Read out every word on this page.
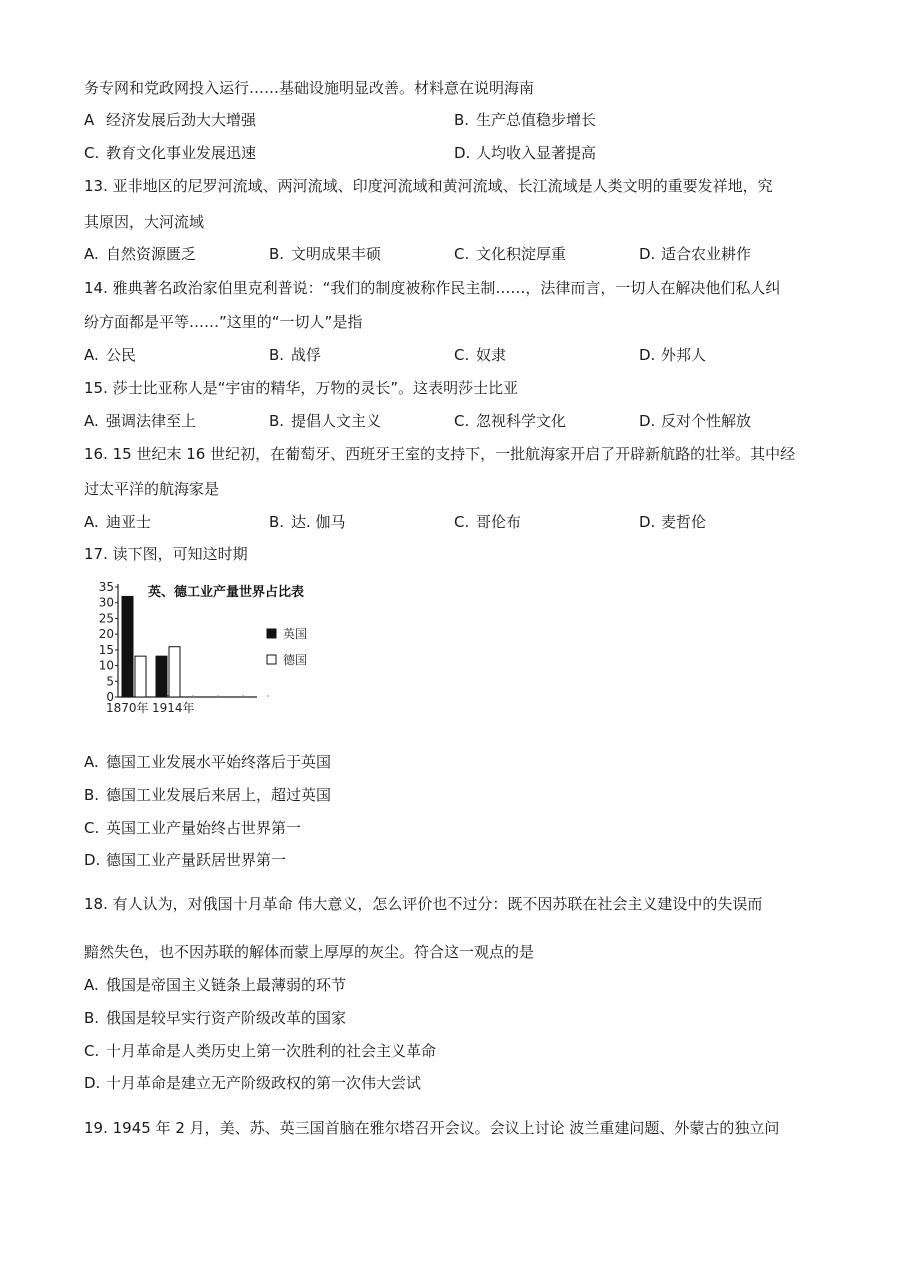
务专网和党政网投入运行……基础设施明显改善。材料意在说明海南
A 经济发展后劲大大增强	B. 生产总值稳步增长
C. 教育文化事业发展迅速	D. 人均收入显著提高
13. 亚非地区的尼罗河流域、两河流域、印度河流域和黄河流域、长江流域是人类文明的重要发祥地，究
其原因，大河流域
A. 自然资源匮乏	B. 文明成果丰硕	C. 文化积淀厚重	D. 适合农业耕作
14. 雅典著名政治家伯里克利普说：“我们的制度被称作民主制……，法律而言，一切人在解决他们私人纠
纷方面都是平等……”这里的“一切人”是指
A. 公民	B. 战俘	C. 奴隶	D. 外邦人
15. 莎士比亚称人是“宇宙的精华，万物的灵长”。这表明莎士比亚
A. 强调法律至上	B. 提倡人文主义	C. 忽视科学文化	D. 反对个性解放
16. 15 世纪末 16 世纪初，在葡萄牙、西班牙王室的支持下，一批航海家开启了开辟新航路的壮举。其中经
过太平洋的航海家是
A. 迪亚士	B. 达. 伽马	C. 哥伦布	D. 麦哲伦
17. 读下图，可知这时期
0
5
10
15
20
25
30
35
1870年 1914年
英、德工业产量世界占比表
英国
德国
A. 德国工业发展水平始终落后于英国
B. 德国工业发展后来居上，超过英国
C. 英国工业产量始终占世界第一
D. 德国工业产量跃居世界第一
18. 有人认为，对俄国十月革命 伟大意义，怎么评价也不过分：既不因苏联在社会主义建设中的失误而
黯然失色，也不因苏联的解体而蒙上厚厚的灰尘。符合这一观点的是
A. 俄国是帝国主义链条上最薄弱的环节
B. 俄国是较早实行资产阶级改革的国家
C. 十月革命是人类历史上第一次胜利的社会主义革命
D. 十月革命是建立无产阶级政权的第一次伟大尝试
19. 1945 年 2 月，美、苏、英三国首脑在雅尔塔召开会议。会议上讨论 波兰重建问题、外蒙古的独立问
